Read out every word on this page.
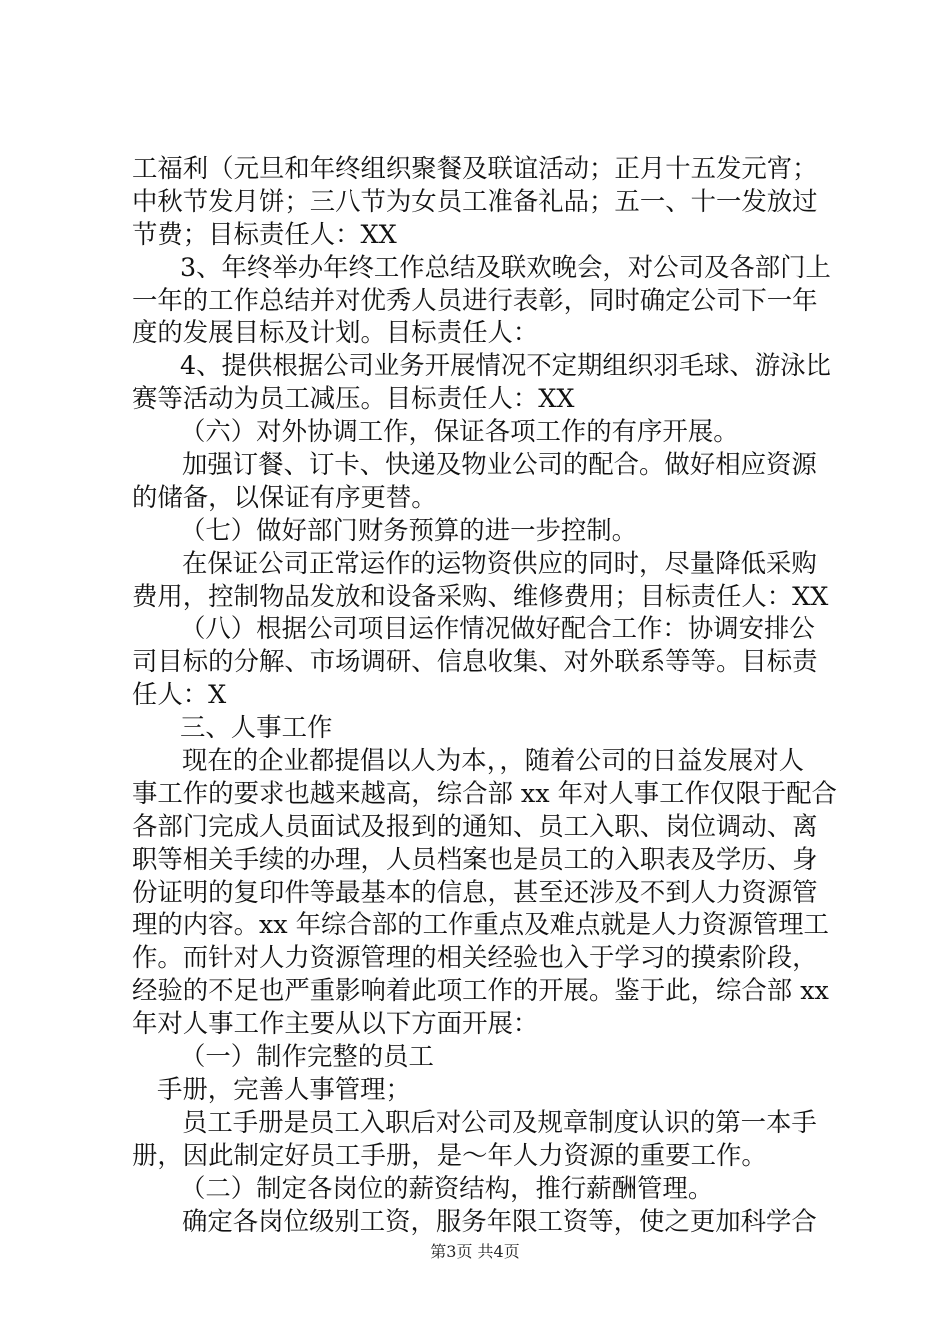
工福利（元旦和年终组织聚餐及联谊活动；正月十五发元宵；
中秋节发月饼；三八节为女员工准备礼品；五一、十一发放过
节费；目标责任人：XX
3、年终举办年终工作总结及联欢晚会，对公司及各部门上
一年的工作总结并对优秀人员进行表彰，同时确定公司下一年
度的发展目标及计划。目标责任人：
4、提供根据公司业务开展情况不定期组织羽毛球、游泳比
赛等活动为员工减压。目标责任人：XX
（六）对外协调工作，保证各项工作的有序开展。
加强订餐、订卡、快递及物业公司的配合。做好相应资源
的储备，以保证有序更替。
（七）做好部门财务预算的进一步控制。
在保证公司正常运作的运物资供应的同时，尽量降低采购
费用，控制物品发放和设备采购、维修费用；目标责任人：XX
（八）根据公司项目运作情况做好配合工作：协调安排公
司目标的分解、市场调研、信息收集、对外联系等等。目标责
任人：X
三、人事工作
现在的企业都提倡以人为本，，随着公司的日益发展对人
事工作的要求也越来越高，综合部 xx 年对人事工作仅限于配合
各部门完成人员面试及报到的通知、员工入职、岗位调动、离
职等相关手续的办理，人员档案也是员工的入职表及学历、身
份证明的复印件等最基本的信息，甚至还涉及不到人力资源管
理的内容。xx 年综合部的工作重点及难点就是人力资源管理工
作。而针对人力资源管理的相关经验也入于学习的摸索阶段，
经验的不足也严重影响着此项工作的开展。鉴于此，综合部 xx
年对人事工作主要从以下方面开展：
（一）制作完整的员工
手册，完善人事管理；
员工手册是员工入职后对公司及规章制度认识的第一本手
册，因此制定好员工手册，是～年人力资源的重要工作。
（二）制定各岗位的薪资结构，推行薪酬管理。
确定各岗位级别工资，服务年限工资等，使之更加科学合
第3页 共4页
